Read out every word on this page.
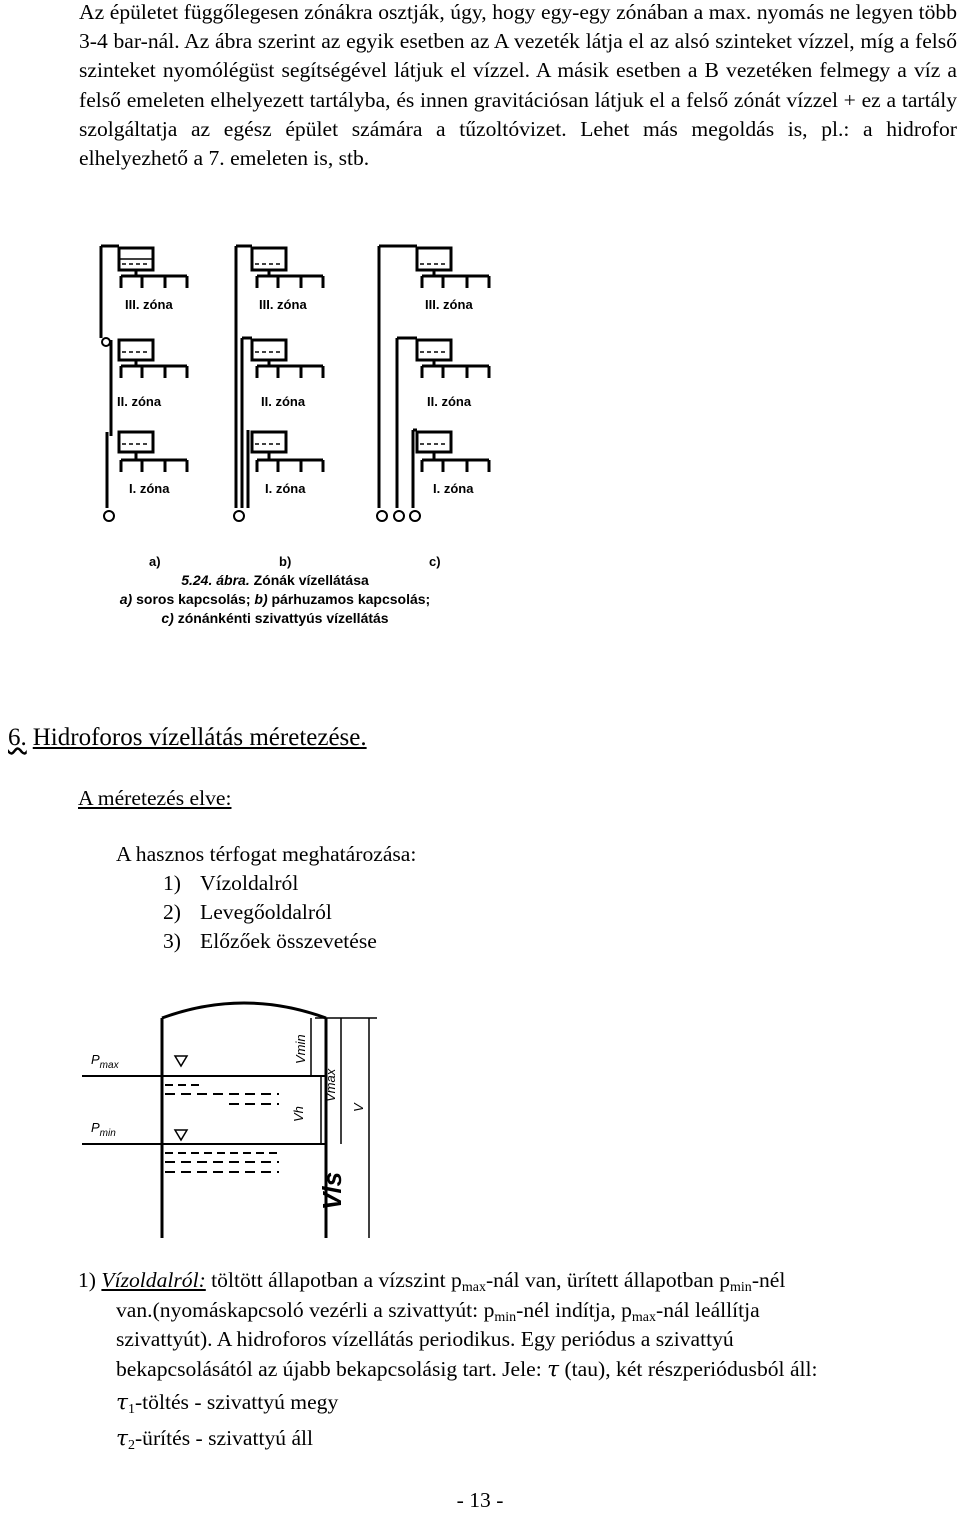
Az épületet függőlegesen zónákra osztják, úgy, hogy egy-egy zónában a max. nyomás ne legyen több 3-4 bar-nál. Az ábra szerint az egyik esetben az A vezeték látja el az alsó szinteket vízzel, míg a felső szinteket nyomólégüst segítségével látjuk el vízzel. A másik esetben a B vezetéken felmegy a víz a felső emeleten elhelyezett tartályba, és innen gravitációsan látjuk el a felső zónát vízzel + ez a tartály szolgáltatja az egész épület számára a tűzoltóvizet. Lehet más megoldás is, pl.: a hidrofor elhelyezhető a 7. emeleten is, stb.
III. zóna	III. zóna	III. zóna
II. zóna	II. zóna	II. zóna
I. zóna	I. zóna	I. zóna
a)	b)	c)
5.24. ábra. Zónák vízellátása
a) soros kapcsolás; b) párhuzamos kapcsolás;
c) zónánkénti szivattyús vízellátás
6. Hidroforos vízellátás méretezése.
A méretezés elve:
A hasznos térfogat meghatározása:
1) Vízoldalról
2) Levegőoldalról
3) Előzőek összevetése
$P_{max}$
$P_{min}$
Vmin
Vh
Vmax
V
Vis
1) Vízoldalról: töltött állapotban a vízszint $p_{max}$-nál van, ürített állapotban $p_{min}$-nél
van.(nyomáskapcsoló vezérli a szivattyút: $p_{min}$-nél indítja, $p_{max}$-nál leállítja
szivattyút). A hidroforos vízellátás periodikus. Egy periódus a szivattyú
bekapcsolásától az újabb bekapcsolásig tart. Jele: τ (tau), két részperiódusból áll:
$\tau_1$-töltés - szivattyú megy
$\tau_2$-ürítés - szivattyú áll
- 13 -
